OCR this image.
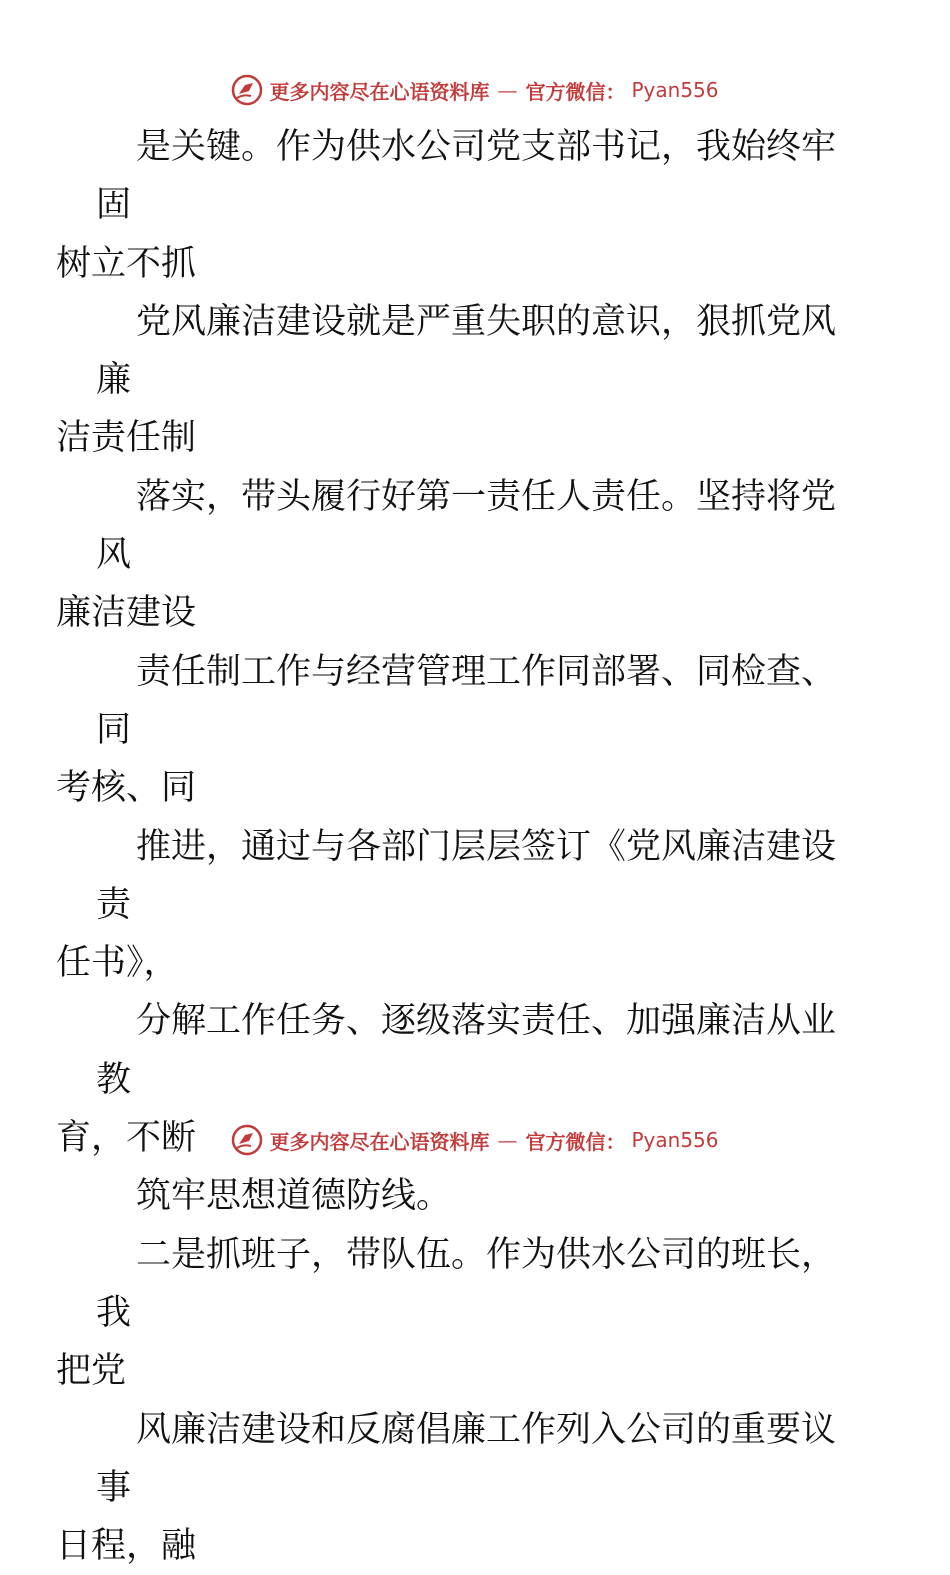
更多内容尽在心语资料库 — 官方微信： Pyan556

是关键。作为供水公司党支部书记，我始终牢固
树立不抓

党风廉洁建设就是严重失职的意识，狠抓党风廉
洁责任制

落实，带头履行好第一责任人责任。坚持将党风
廉洁建设

责任制工作与经营管理工作同部署、同检查、同
考核、同

推进，通过与各部门层层签订《党风廉洁建设责
任书》，

分解工作任务、逐级落实责任、加强廉洁从业教
育，不断

筑牢思想道德防线。

二是抓班子，带队伍。作为供水公司的班长，我
把党

风廉洁建设和反腐倡廉工作列入公司的重要议事
日程，融

更多内容尽在心语资料库 — 官方微信： Pyan556
